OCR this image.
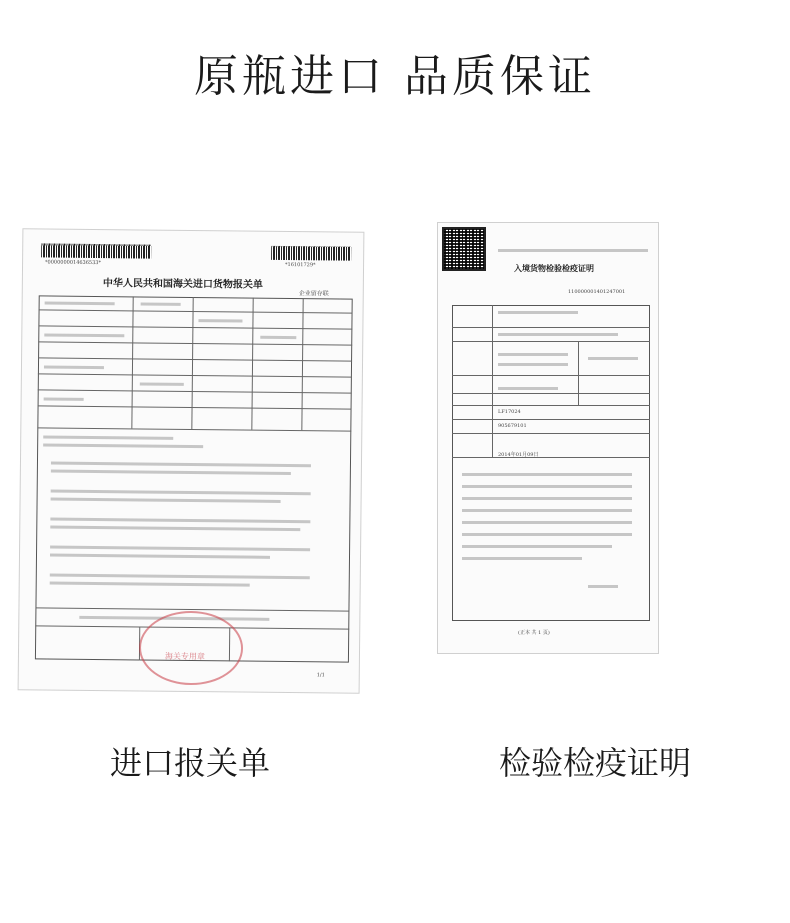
原瓶进口 品质保证
*0000000014636533*	*16101729*
中华人民共和国海关进口货物报关单
企业留存联
海关专用章
1/1
入境货物检验检疫证明
110000001401247001
LF17024
905679101
2014年01月09日
(正本 共 1 页)
进口报关单	检验检疫证明
